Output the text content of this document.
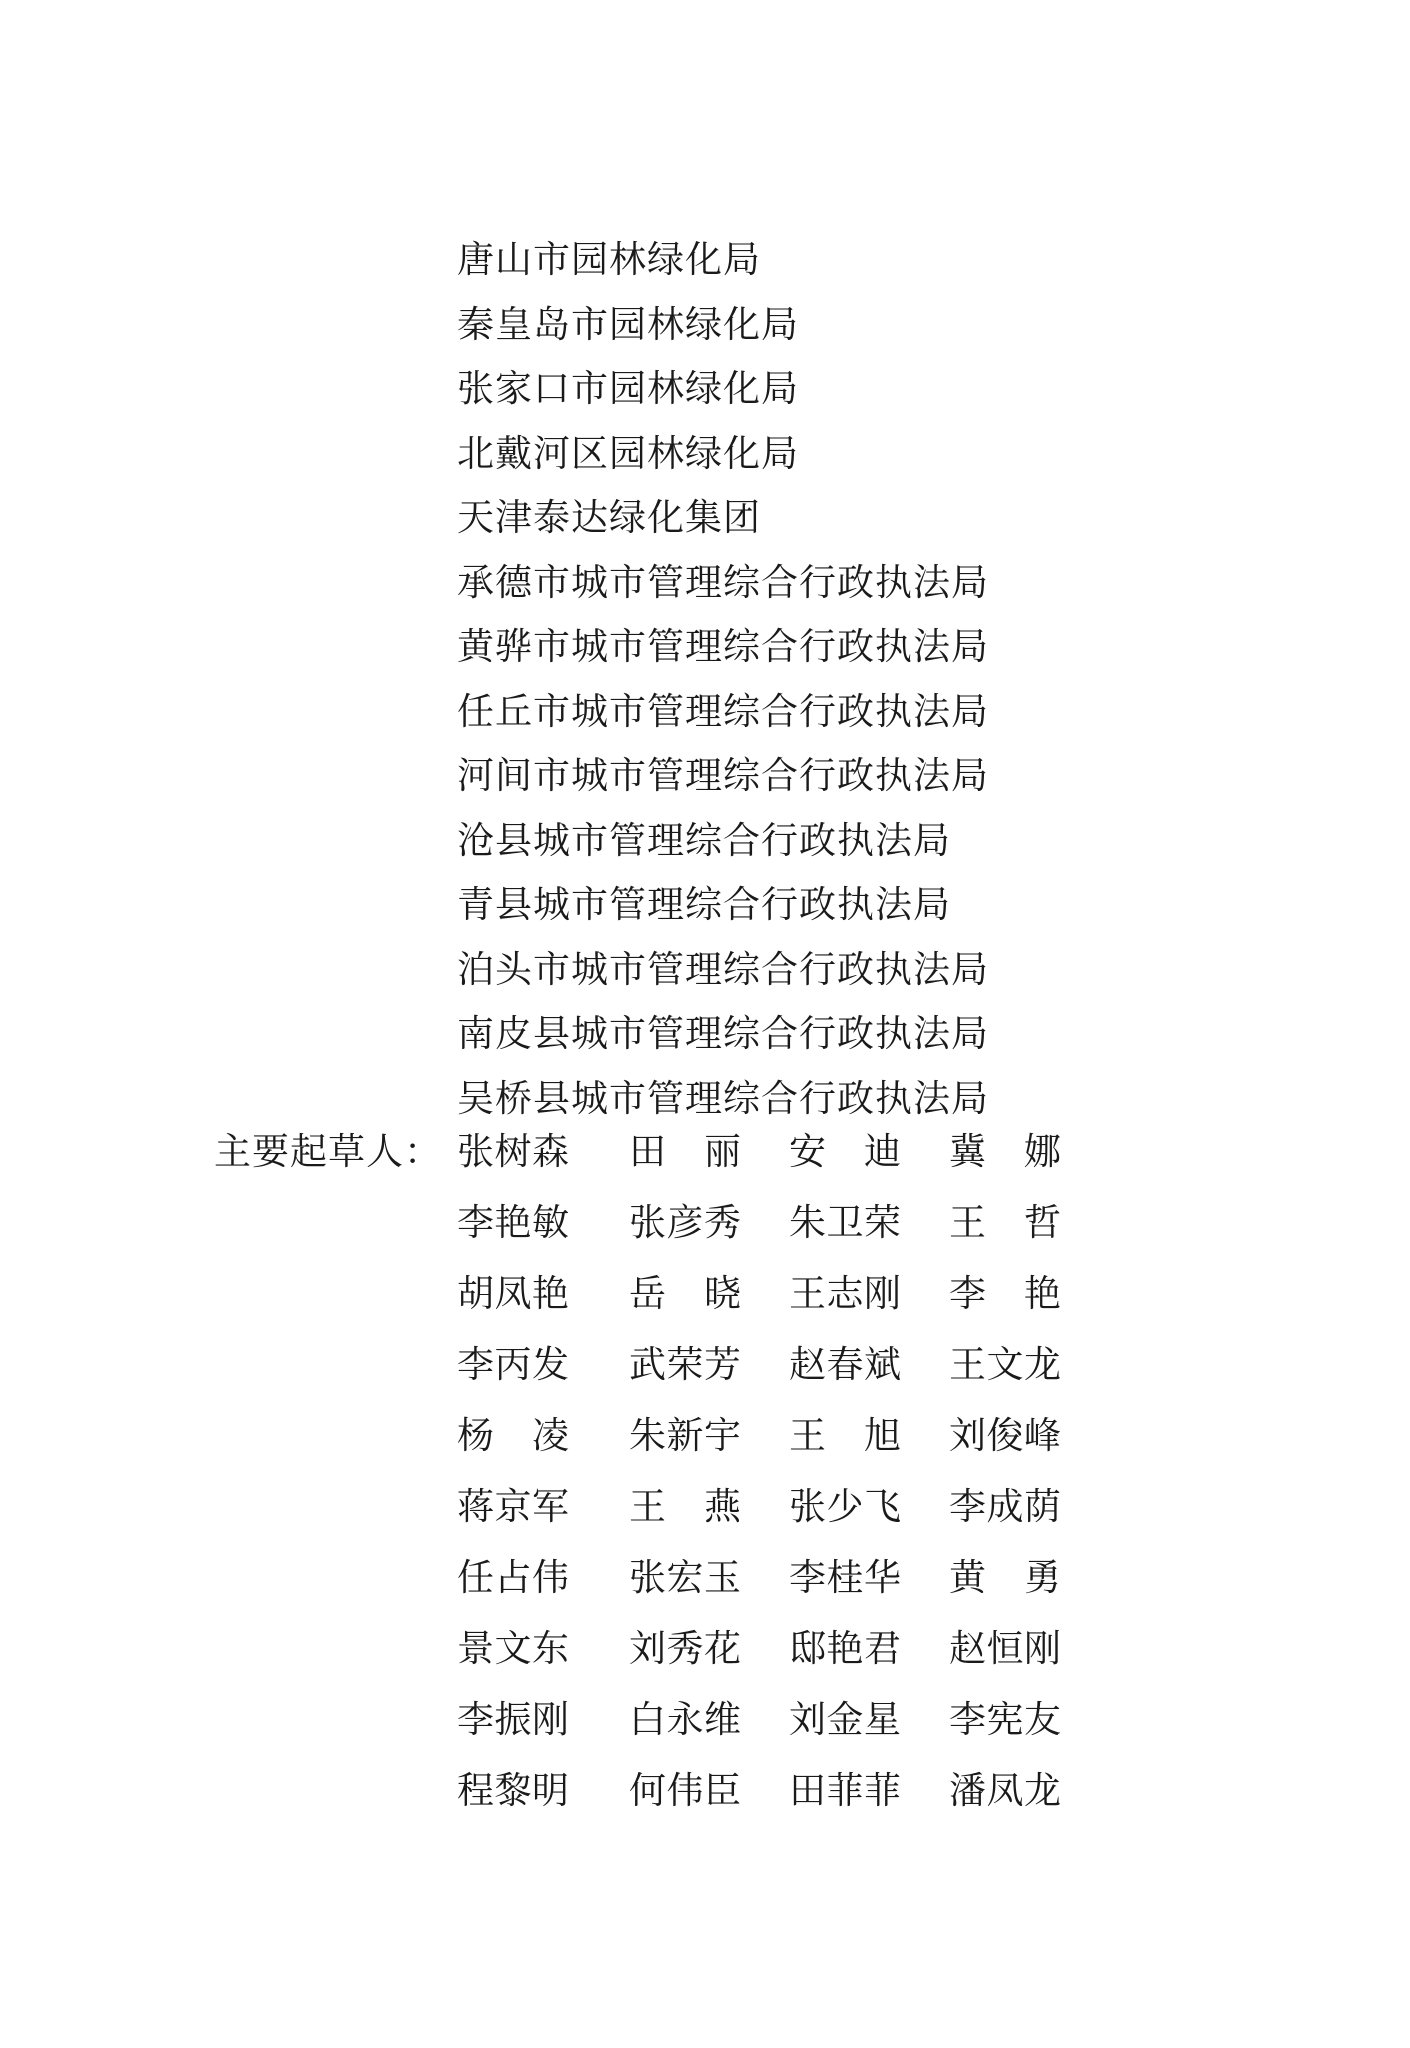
唐山市园林绿化局
秦皇岛市园林绿化局
张家口市园林绿化局
北戴河区园林绿化局
天津泰达绿化集团
承德市城市管理综合行政执法局
黄骅市城市管理综合行政执法局
任丘市城市管理综合行政执法局
河间市城市管理综合行政执法局
沧县城市管理综合行政执法局
青县城市管理综合行政执法局
泊头市城市管理综合行政执法局
南皮县城市管理综合行政执法局
吴桥县城市管理综合行政执法局
主要起草人： 张 树 森 田 丽 安 迪 冀 娜
李 艳 敏 张 彦 秀 朱 卫 荣 王 哲
胡 凤 艳 岳 晓 王 志 刚 李 艳
李 丙 发 武 荣 芳 赵 春 斌 王 文 龙
杨 凌 朱 新 宇 王 旭 刘 俊 峰
蒋 京 军 王 燕 张 少 飞 李 成 荫
任 占 伟 张 宏 玉 李 桂 华 黄 勇
景 文 东 刘 秀 花 邸 艳 君 赵 恒 刚
李 振 刚 白 永 维 刘 金 星 李 宪 友
程 黎 明 何 伟 臣 田 菲 菲 潘 凤 龙
